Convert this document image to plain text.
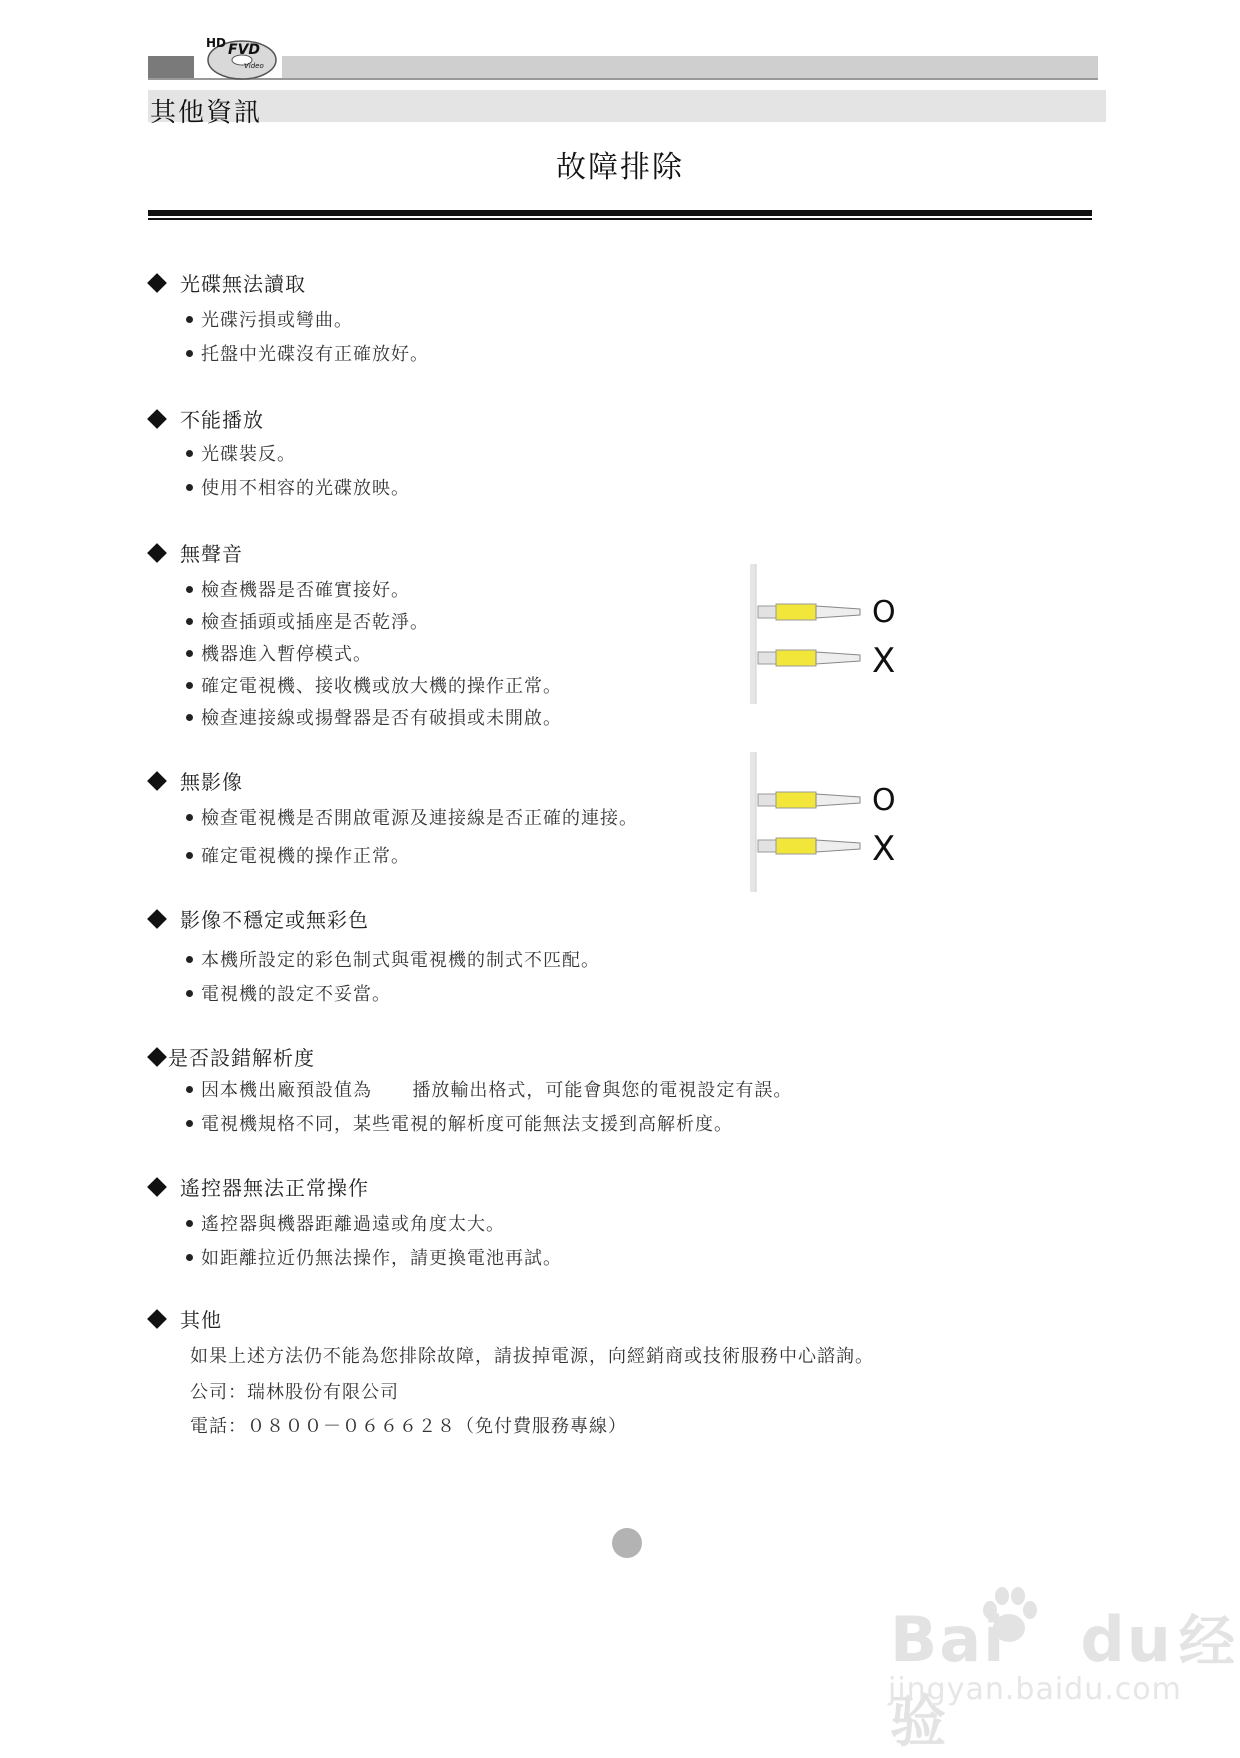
FVD
Video
HD
其他資訊
故障排除
光碟無法讀取
光碟污損或彎曲。
托盤中光碟沒有正確放好。
不能播放
光碟裝反。
使用不相容的光碟放映。
無聲音
檢查機器是否確實接好。
檢查插頭或插座是否乾淨。
機器進入暫停模式。
確定電視機、接收機或放大機的操作正常。
檢查連接線或揚聲器是否有破損或未開啟。
O
X
無影像
檢查電視機是否開啟電源及連接線是否正確的連接。
確定電視機的操作正常。
O
X
影像不穩定或無彩色
本機所設定的彩色制式與電視機的制式不匹配。
電視機的設定不妥當。
是否設錯解析度
因本機出廠預設值為      播放輸出格式，可能會與您的電視設定有誤。
電視機規格不同，某些電視的解析度可能無法支援到高解析度。
遙控器無法正常操作
遙控器與機器距離過遠或角度太大。
如距離拉近仍無法操作，請更換電池再試。
其他
如果上述方法仍不能為您排除故障，請拔掉電源，向經銷商或技術服務中心諮詢。
公司：瑞林股份有限公司
電話：０８００－０６６６２８（免付費服務專線）
Bai du 经验
jingyan.baidu.com
